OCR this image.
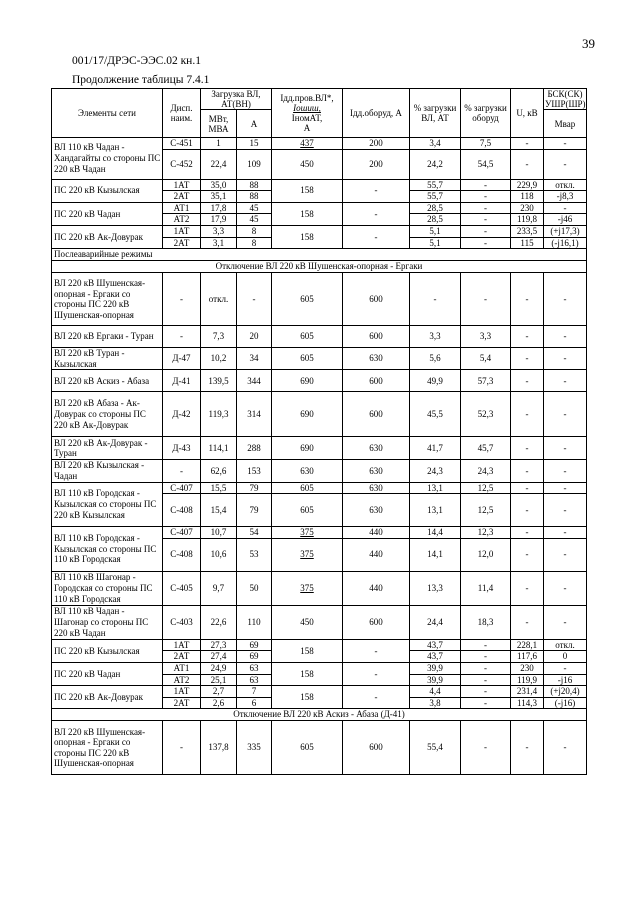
39
001/17/ДРЭС-ЭЭС.02 кн.1
Продолжение таблицы 7.4.1
Элементы сети	Дисп. наим.	Загрузка ВЛ, АТ(ВН)		Iдд.пров.ВЛ*,
Iошиш,
IномАТ,
А	Iдд.оборуд, А	% загрузки ВЛ, АТ	% загрузки оборуд	U, кВ	БСК(СК) УШР(ШР)
		МВт, МВА	А						Мвар
ВЛ 110 кВ Чадан - Хандагайты со стороны ПС 220 кВ Чадан	С-451	1	15	437	200	3,4	7,5	-	-
	С-452	22,4	109	450	200	24,2	54,5	-	-
ПС 220 кВ Кызылская	1АТ	35,0	88	158	-	55,7	-	229,9	откл.
	2АТ	35,1	88			55,7	-	118	-j8,3
ПС 220 кВ Чадан	АТ1	17,8	45	158	-	28,5	-	230	-
	АТ2	17,9	45			28,5	-	119,8	-j46
ПС 220 кВ Ак-Довурак	1АТ	3,3	8	158	-	5,1	-	233,5	(+j17,3)
	2АТ	3,1	8			5,1	-	115	(-j16,1)
Послеаварийные режимы									
Отключение ВЛ 220 кВ Шушенская-опорная - Ергаки									
ВЛ 220 кВ Шушенская-опорная - Ергаки со стороны ПС 220 кВ Шушенская-опорная	-	откл.	-	605	600	-	-	-	-
ВЛ 220 кВ Ергаки - Туран	-	7,3	20	605	600	3,3	3,3	-	-
ВЛ 220 кВ Туран - Кызылская	Д-47	10,2	34	605	630	5,6	5,4	-	-
ВЛ 220 кВ Аскиз - Абаза	Д-41	139,5	344	690	600	49,9	57,3	-	-
ВЛ 220 кВ Абаза - Ак-Довурак со стороны ПС 220 кВ Ак-Довурак	Д-42	119,3	314	690	600	45,5	52,3	-	-
ВЛ 220 кВ Ак-Довурак - Туран	Д-43	114,1	288	690	630	41,7	45,7	-	-
ВЛ 220 кВ Кызылская - Чадан	-	62,6	153	630	630	24,3	24,3	-	-
ВЛ 110 кВ Городская - Кызылская со стороны ПС 220 кВ Кызылская	С-407	15,5	79	605	630	13,1	12,5	-	-
	С-408	15,4	79	605	630	13,1	12,5	-	-
ВЛ 110 кВ Городская - Кызылская со стороны ПС 110 кВ Городская	С-407	10,7	54	375	440	14,4	12,3	-	-
	С-408	10,6	53	375	440	14,1	12,0	-	-
ВЛ 110 кВ Шагонар - Городская со стороны ПС 110 кВ Городская	С-405	9,7	50	375	440	13,3	11,4	-	-
ВЛ 110 кВ Чадан - Шагонар со стороны ПС 220 кВ Чадан	С-403	22,6	110	450	600	24,4	18,3	-	-
ПС 220 кВ Кызылская	1АТ	27,3	69	158	-	43,7	-	228,1	откл.
	2АТ	27,4	69			43,7	-	117,6	0
ПС 220 кВ Чадан	АТ1	24,9	63	158	-	39,9	-	230	-
	АТ2	25,1	63			39,9	-	119,9	-j16
ПС 220 кВ Ак-Довурак	1АТ	2,7	7	158	-	4,4	-	231,4	(+j20,4)
	2АТ	2,6	6			3,8	-	114,3	(-j16)
Отключение ВЛ 220 кВ Аскиз - Абаза (Д-41)									
ВЛ 220 кВ Шушенская-опорная - Ергаки со стороны ПС 220 кВ Шушенская-опорная	-	137,8	335	605	600	55,4	-	-	-
